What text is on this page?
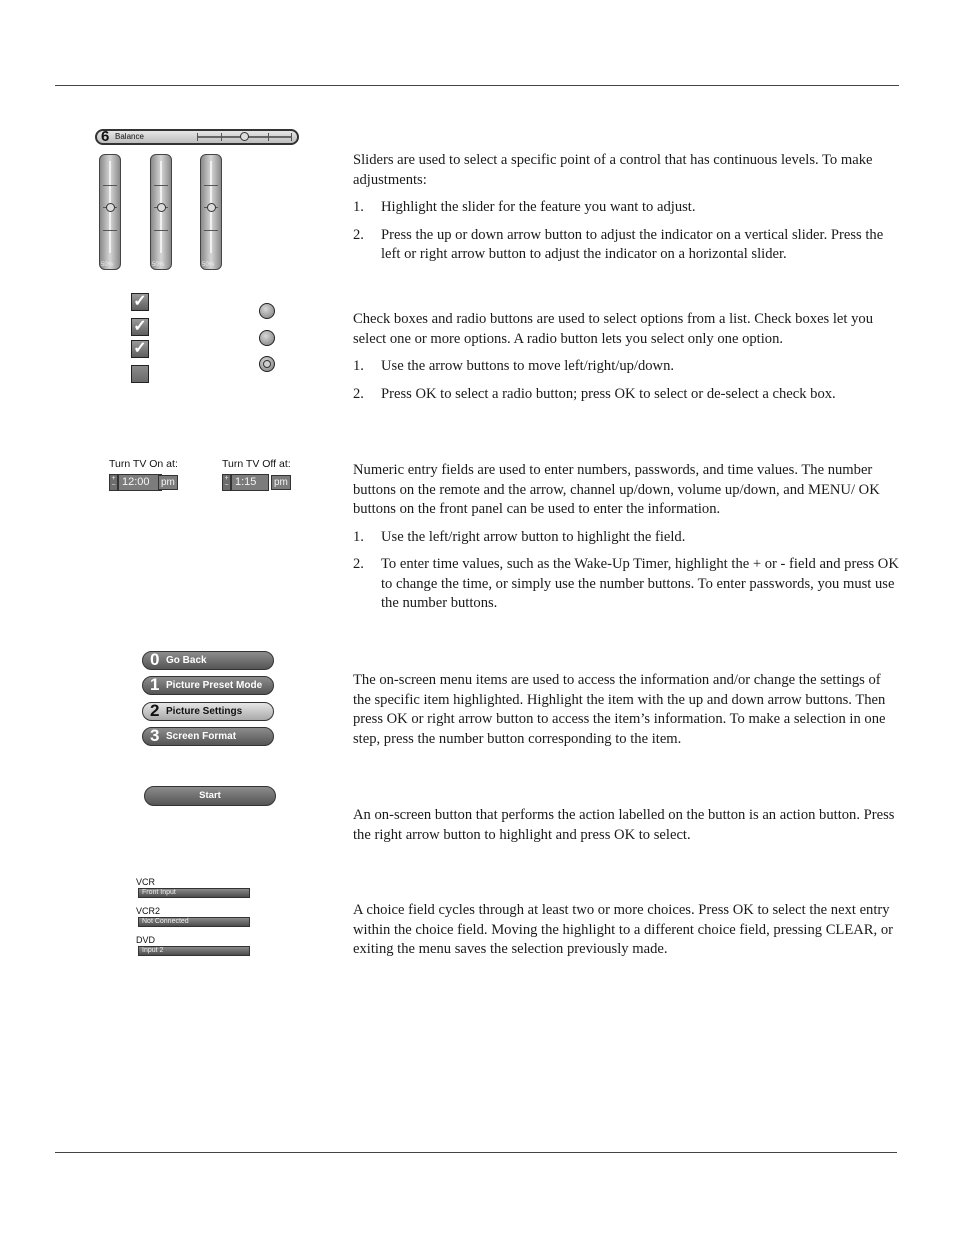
6 Balance
50%	50%	50%

Sliders are used to select a specific point of a control that has continuous levels. To make adjustments:

1. Highlight the slider for the feature you want to adjust.
2. Press the up or down arrow button to adjust the indicator on a vertical slider. Press the left or right arrow button to adjust the indicator on a horizontal slider.
✓
✓
✓

Check boxes and radio buttons are used to select options from a list. Check boxes let you select one or more options. A radio button lets you select only one option.

1. Use the arrow buttons to move left/right/up/down.
2. Press OK to select a radio button; press OK to select or de-select a check box.
Turn TV On at:
+
− 12:00	pm
Turn TV Off at:
+
− 1:15	pm

Numeric entry fields are used to enter numbers, passwords, and time values. The number buttons on the remote and the arrow, channel up/down, volume up/down, and MENU/ OK buttons on the front panel can be used to enter the information.

1. Use the left/right arrow button to highlight the field.
2. To enter time values, such as the Wake-Up Timer, highlight the + or - field and press OK to change the time, or simply use the number buttons. To enter passwords, you must use the number buttons.
0 Go Back
1 Picture Preset Mode
2 Picture Settings
3 Screen Format

The on-screen menu items are used to access the information and/or change the settings of the specific item highlighted. Highlight the item with the up and down arrow buttons. Then press OK or right arrow button to access the item’s information. To make a selection in one step, press the number button corresponding to the item.

Start

An on-screen button that performs the action labelled on the button is an action button. Press the right arrow button to highlight and press OK to select.

VCR
Front Input
VCR2
Not Connected
DVD
Input 2

A choice field cycles through at least two or more choices. Press OK to select the next entry within the choice field. Moving the highlight to a different choice field, pressing CLEAR, or exiting the menu saves the selection previously made.
